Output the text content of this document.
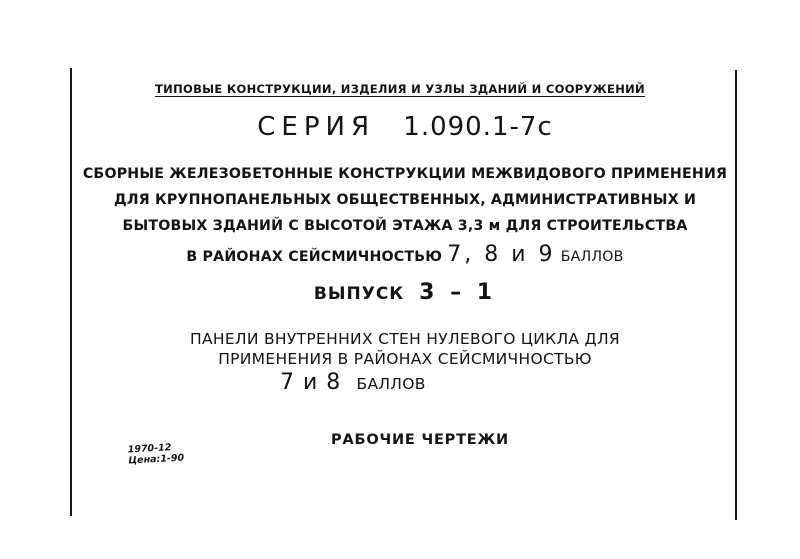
ТИПОВЫЕ КОНСТРУКЦИИ, ИЗДЕЛИЯ И УЗЛЫ ЗДАНИЙ И СООРУЖЕНИЙ
СЕРИЯ 1.090.1-7с
СБОРНЫЕ ЖЕЛЕЗОБЕТОННЫЕ КОНСТРУКЦИИ МЕЖВИДОВОГО ПРИМЕНЕНИЯ
ДЛЯ КРУПНОПАНЕЛЬНЫХ ОБЩЕСТВЕННЫХ, АДМИНИСТРАТИВНЫХ И
БЫТОВЫХ ЗДАНИЙ С ВЫСОТОЙ ЭТАЖА 3,3 м ДЛЯ СТРОИТЕЛЬСТВА
В РАЙОНАХ СЕЙСМИЧНОСТЬЮ 7, 8 и 9 БАЛЛОВ
ВЫПУСК 3 – 1
ПАНЕЛИ ВНУТРЕННИХ СТЕН НУЛЕВОГО ЦИКЛА ДЛЯ
ПРИМЕНЕНИЯ В РАЙОНАХ СЕЙСМИЧНОСТЬЮ
7 и 8 БАЛЛОВ
1970-12
Цена:1-90
РАБОЧИЕ ЧЕРТЕЖИ
